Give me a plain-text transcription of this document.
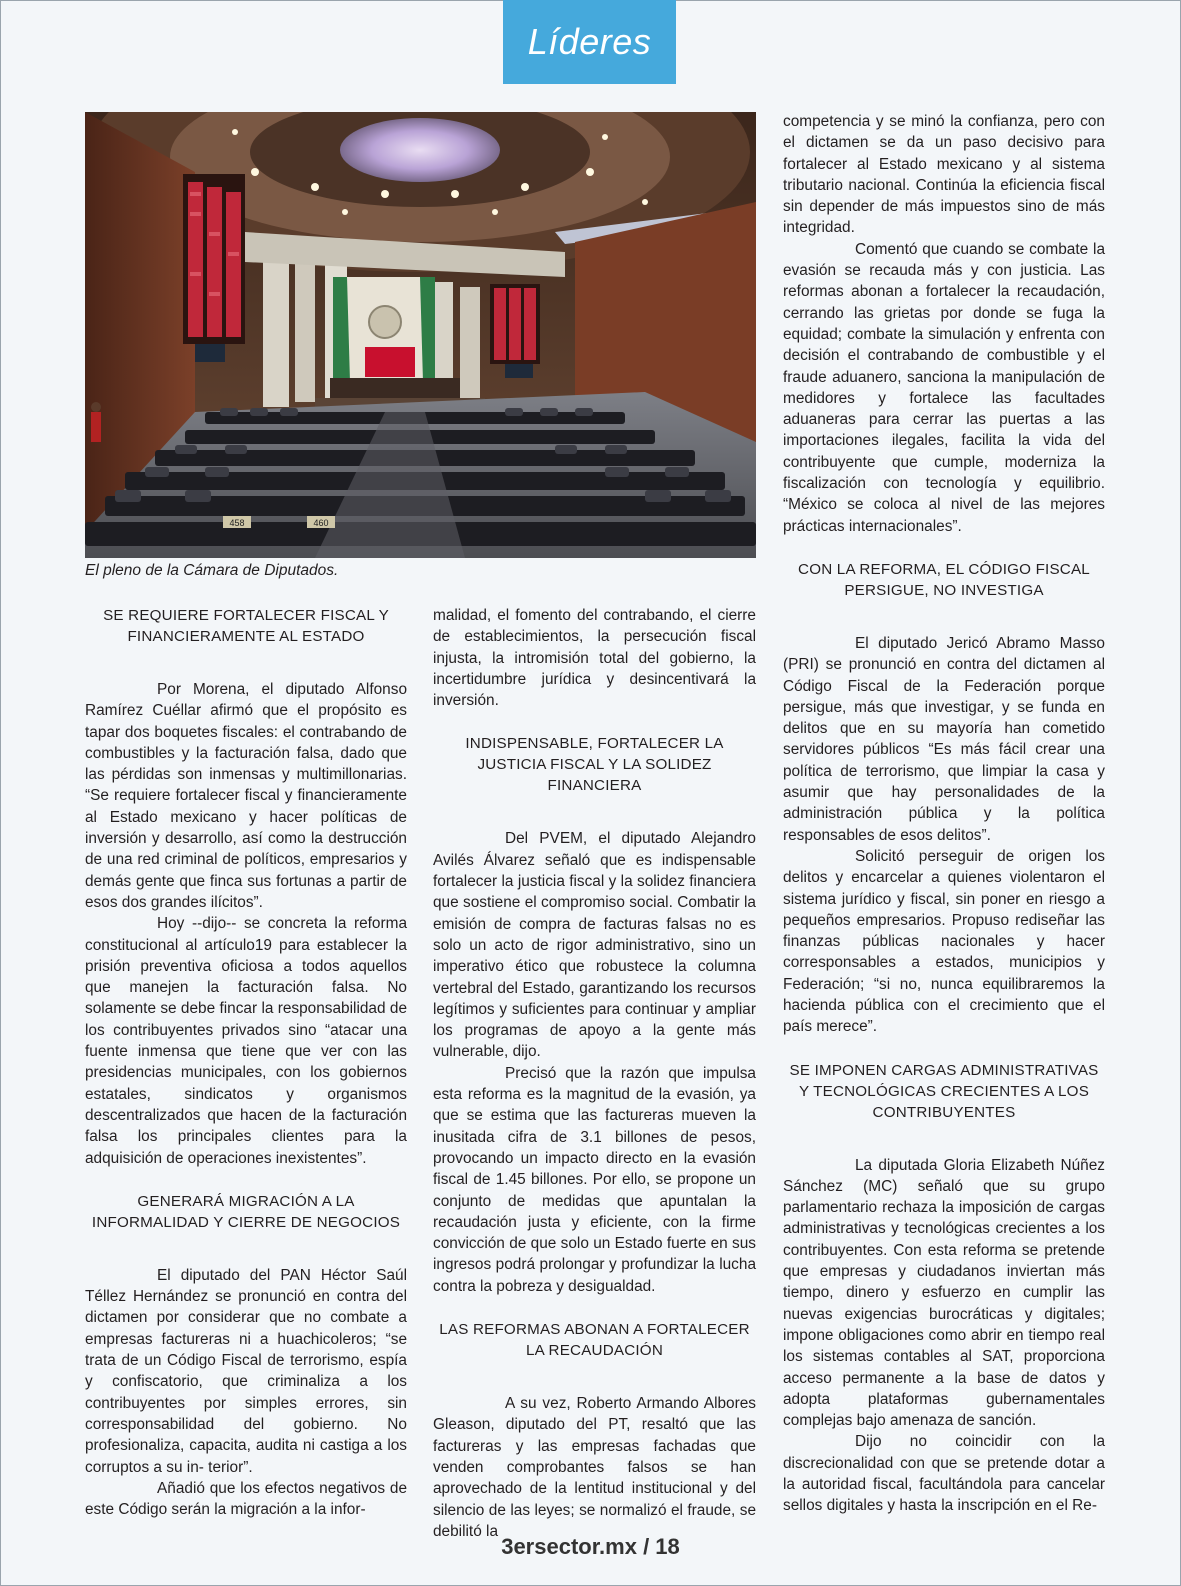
Líderes
458	460
El pleno de la Cámara de Diputados.
SE REQUIERE FORTALECER FISCAL Y FINANCIERAMENTE AL ESTADO

Por Morena, el diputado Alfonso Ramírez Cuéllar afirmó que el propósito es tapar dos boquetes fiscales: el contrabando de combustibles y la facturación falsa, dado que las pérdidas son inmensas y multimillonarias. “Se requiere fortalecer fiscal y financieramente al Estado mexicano y hacer políticas de inversión y desarrollo, así como la destrucción de una red criminal de políticos, empresarios y demás gente que finca sus fortunas a partir de esos dos grandes ilícitos”.

Hoy --dijo-- se concreta la reforma constitucional al artículo19 para establecer la prisión preventiva oficiosa a todos aquellos que manejen la facturación falsa. No solamente se debe fincar la responsabilidad de los contribuyentes privados sino “atacar una fuente inmensa que tiene que ver con las presidencias municipales, con los gobiernos estatales, sindicatos y organismos descentralizados que hacen de la facturación falsa los principales clientes para la adquisición de operaciones inexistentes”.

GENERARÁ MIGRACIÓN A LA INFORMALIDAD Y CIERRE DE NEGOCIOS

El diputado del PAN Héctor Saúl Téllez Hernández se pronunció en contra del dictamen por considerar que no combate a empresas factureras ni a huachicoleros; “se trata de un Código Fiscal de terrorismo, espía y confiscatorio, que criminaliza a los contribuyentes por simples errores, sin corresponsabilidad del gobierno. No profesionaliza, capacita, audita ni castiga a los corruptos a su in- terior”.

Añadió que los efectos negativos de este Código serán la migración a la infor-

malidad, el fomento del contrabando, el cierre de establecimientos, la persecución fiscal injusta, la intromisión total del gobierno, la incertidumbre jurídica y desincentivará la inversión.

INDISPENSABLE, FORTALECER LA JUSTICIA FISCAL Y LA SOLIDEZ FINANCIERA

Del PVEM, el diputado Alejandro Avilés Álvarez señaló que es indispensable fortalecer la justicia fiscal y la solidez financiera que sostiene el compromiso social. Combatir la emisión de compra de facturas falsas no es solo un acto de rigor administrativo, sino un imperativo ético que robustece la columna vertebral del Estado, garantizando los recursos legítimos y suficientes para continuar y ampliar los programas de apoyo a la gente más vulnerable, dijo.

Precisó que la razón que impulsa esta reforma es la magnitud de la evasión, ya que se estima que las factureras mueven la inusitada cifra de 3.1 billones de pesos, provocando un impacto directo en la evasión fiscal de 1.45 billones. Por ello, se propone un conjunto de medidas que apuntalan la recaudación justa y eficiente, con la firme convicción de que solo un Estado fuerte en sus ingresos podrá prolongar y profundizar la lucha contra la pobreza y desigualdad.

LAS REFORMAS ABONAN A FORTALECER LA RECAUDACIÓN

A su vez, Roberto Armando Albores Gleason, diputado del PT, resaltó que las factureras y las empresas fachadas que venden comprobantes falsos se han aprovechado de la lentitud institucional y del silencio de las leyes; se normalizó el fraude, se debilitó la

competencia y se minó la confianza, pero con el dictamen se da un paso decisivo para fortalecer al Estado mexicano y al sistema tributario nacional. Continúa la eficiencia fiscal sin depender de más impuestos sino de más integridad.

Comentó que cuando se combate la evasión se recauda más y con justicia. Las reformas abonan a fortalecer la recaudación, cerrando las grietas por donde se fuga la equidad; combate la simulación y enfrenta con decisión el contrabando de combustible y el fraude aduanero, sanciona la manipulación de medidores y fortalece las facultades aduaneras para cerrar las puertas a las importaciones ilegales, facilita la vida del contribuyente que cumple, moderniza la fiscalización con tecnología y equilibrio. “México se coloca al nivel de las mejores prácticas internacionales”.

CON LA REFORMA, EL CÓDIGO FISCAL PERSIGUE, NO INVESTIGA

El diputado Jericó Abramo Masso (PRI) se pronunció en contra del dictamen al Código Fiscal de la Federación porque persigue, más que investigar, y se funda en delitos que en su mayoría han cometido servidores públicos “Es más fácil crear una política de terrorismo, que limpiar la casa y asumir que hay personalidades de la administración pública y la política responsables de esos delitos”.

Solicitó perseguir de origen los delitos y encarcelar a quienes violentaron el sistema jurídico y fiscal, sin poner en riesgo a pequeños empresarios. Propuso rediseñar las finanzas públicas nacionales y hacer corresponsables a estados, municipios y Federación; “si no, nunca equilibraremos la hacienda pública con el crecimiento que el país merece”.

SE IMPONEN CARGAS ADMINISTRATIVAS Y TECNOLÓGICAS CRECIENTES A LOS CONTRIBUYENTES

La diputada Gloria Elizabeth Núñez Sánchez (MC) señaló que su grupo parlamentario rechaza la imposición de cargas administrativas y tecnológicas crecientes a los contribuyentes. Con esta reforma se pretende que empresas y ciudadanos inviertan más tiempo, dinero y esfuerzo en cumplir las nuevas exigencias burocráticas y digitales; impone obligaciones como abrir en tiempo real los sistemas contables al SAT, proporciona acceso permanente a la base de datos y adopta plataformas gubernamentales complejas bajo amenaza de sanción.

Dijo no coincidir con la discrecionalidad con que se pretende dotar a la autoridad fiscal, facultándola para cancelar sellos digitales y hasta la inscripción en el Re-

3ersector.mx / 18
